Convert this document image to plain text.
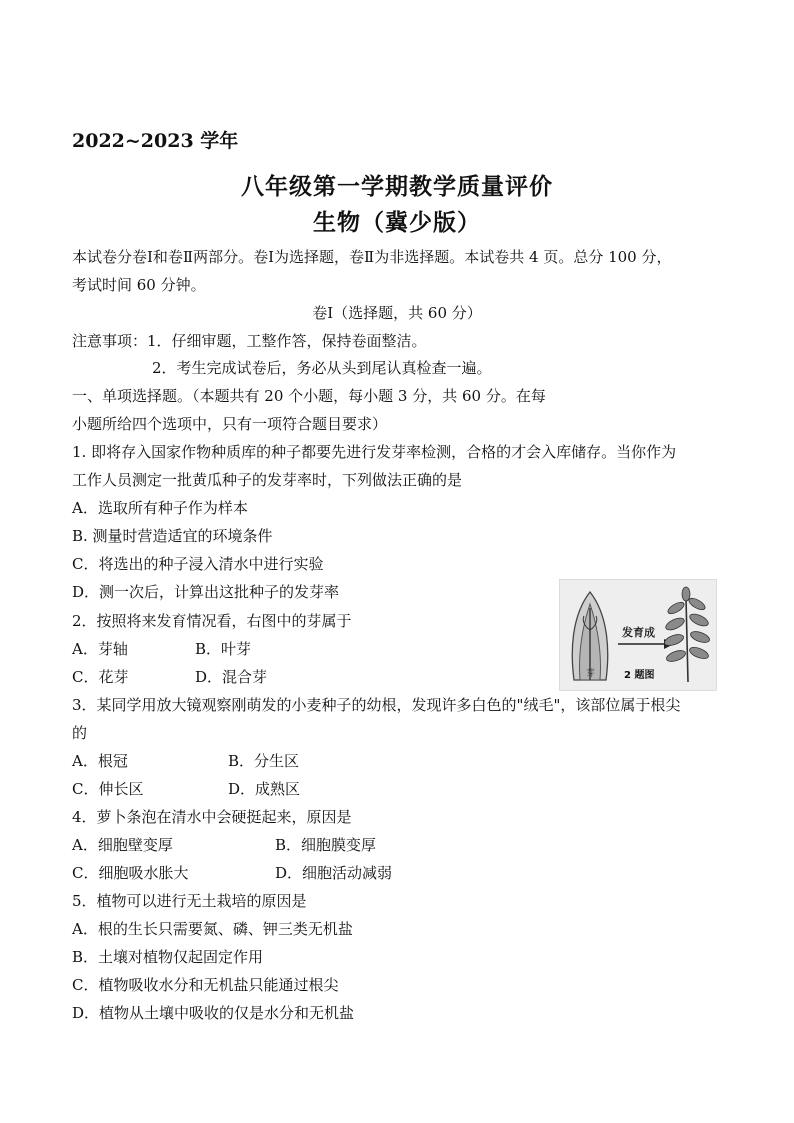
2022~2023 学年
八年级第一学期教学质量评价
生物（冀少版）
本试卷分卷Ⅰ和卷Ⅱ两部分。卷Ⅰ为选择题，卷Ⅱ为非选择题。本试卷共 4 页。总分 100 分，
考试时间 60 分钟。
卷Ⅰ（选择题，共 60 分）
注意事项：1．仔细审题，工整作答，保持卷面整洁。
2．考生完成试卷后，务必从头到尾认真检查一遍。
一、单项选择题。（本题共有 20 个小题，每小题 3 分，共 60 分。在每
小题所给四个选项中，只有一项符合题目要求）
1. 即将存入国家作物种质库的种子都要先进行发芽率检测，合格的才会入库储存。当你作为
工作人员测定一批黄瓜种子的发芽率时，下列做法正确的是
A．选取所有种子作为样本
B. 测量时营造适宜的环境条件
C．将选出的种子浸入清水中进行实验
D．测一次后，计算出这批种子的发芽率
2．按照将来发育情况看，右图中的芽属于
A．芽轴	B．叶芽
C．花芽	D．混合芽	芽
发育成
2 题图
3．某同学用放大镜观察刚萌发的小麦种子的幼根，发现许多白色的"绒毛"，该部位属于根尖
的
A．根冠	B．分生区
C．伸长区	D．成熟区
4．萝卜条泡在清水中会硬挺起来，原因是
A．细胞壁变厚	B．细胞膜变厚
C．细胞吸水胀大	D．细胞活动减弱
5．植物可以进行无土栽培的原因是
A．根的生长只需要氮、磷、钾三类无机盐
B．土壤对植物仅起固定作用
C．植物吸收水分和无机盐只能通过根尖
D．植物从土壤中吸收的仅是水分和无机盐
